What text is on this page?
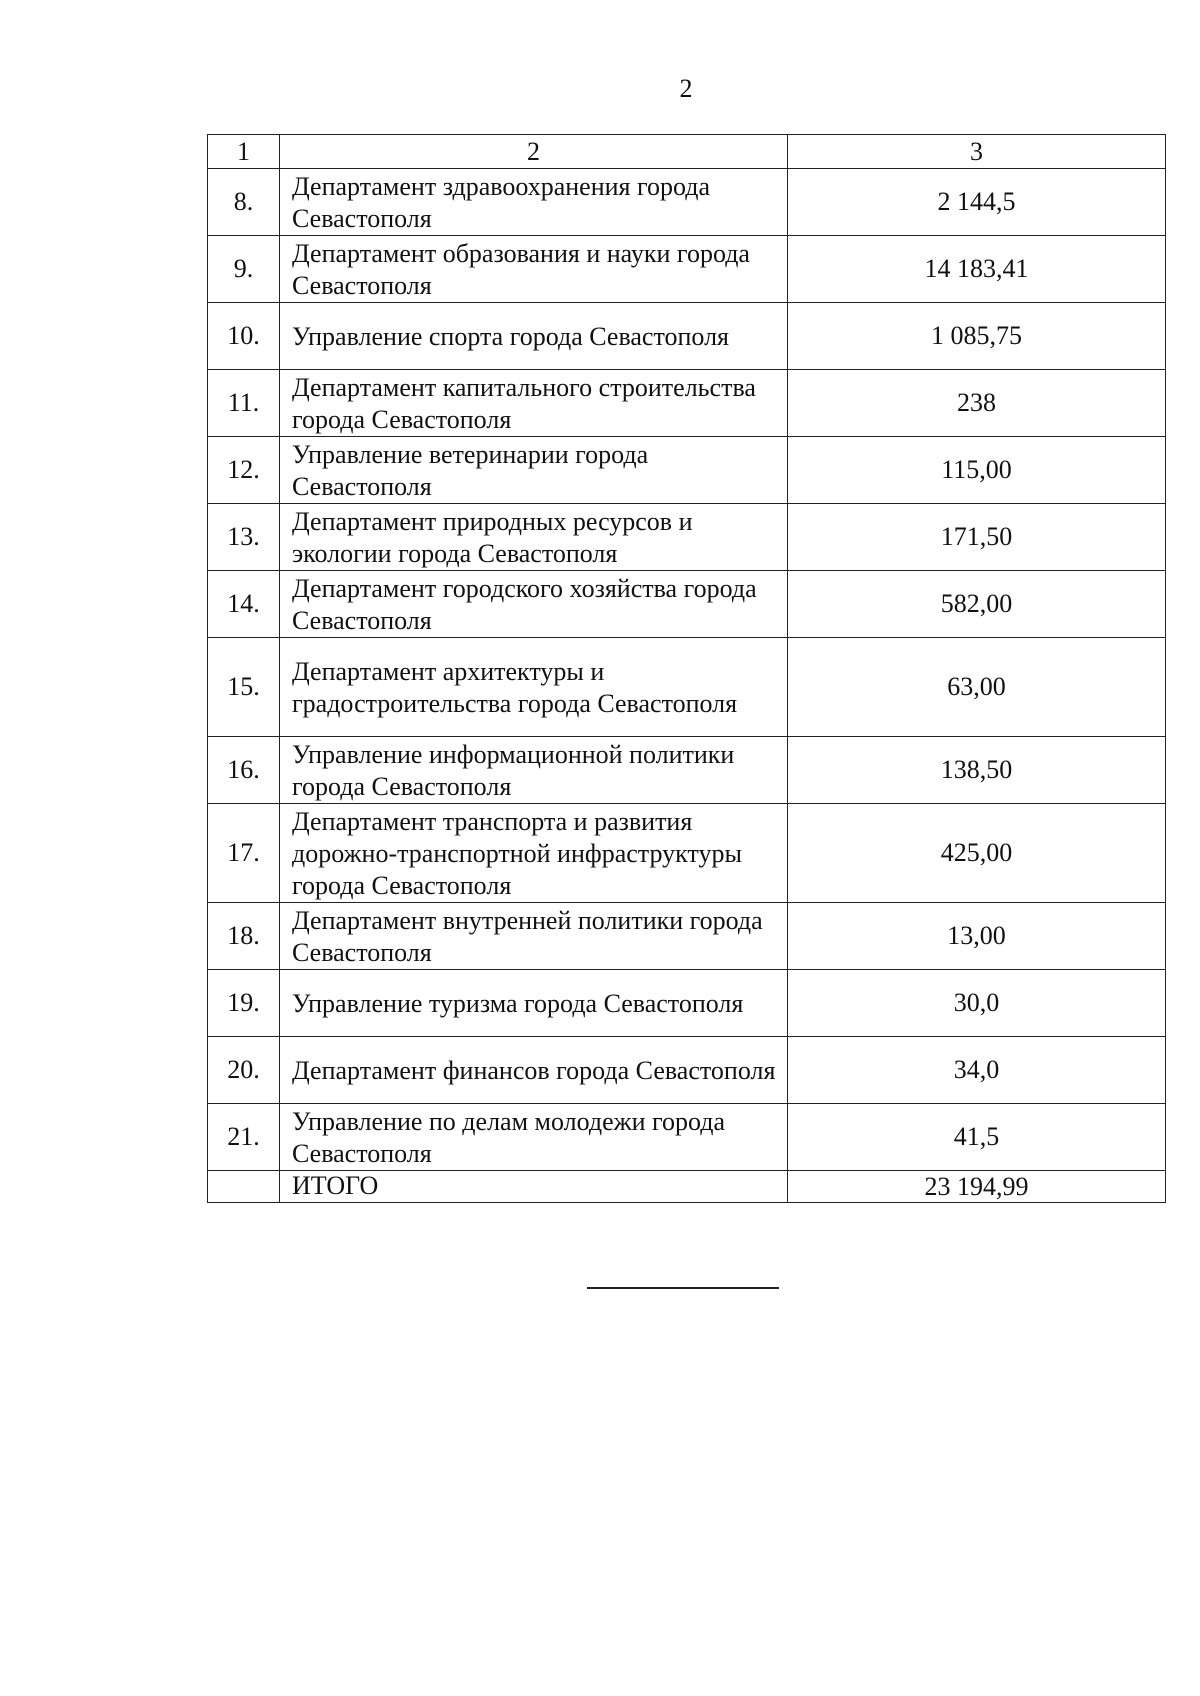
2
1	2	3
8.	Департамент здравоохранения города Севастополя	2 144,5
9.	Департамент образования и науки города Севастополя	14 183,41
10.	Управление спорта города Севастополя	1 085,75
11.	Департамент капитального строительства города Севастополя	238
12.	Управление ветеринарии города Севастополя	115,00
13.	Департамент природных ресурсов и экологии города Севастополя	171,50
14.	Департамент городского хозяйства города Севастополя	582,00
15.	Департамент архитектуры и градостроительства города Севастополя	63,00
16.	Управление информационной политики города Севастополя	138,50
17.	Департамент транспорта и развития дорожно-транспортной инфраструктуры города Севастополя	425,00
18.	Департамент внутренней политики города Севастополя	13,00
19.	Управление туризма города Севастополя	30,0
20.	Департамент финансов города Севастополя	34,0
21.	Управление по делам молодежи города Севастополя	41,5
	ИТОГО	23 194,99
